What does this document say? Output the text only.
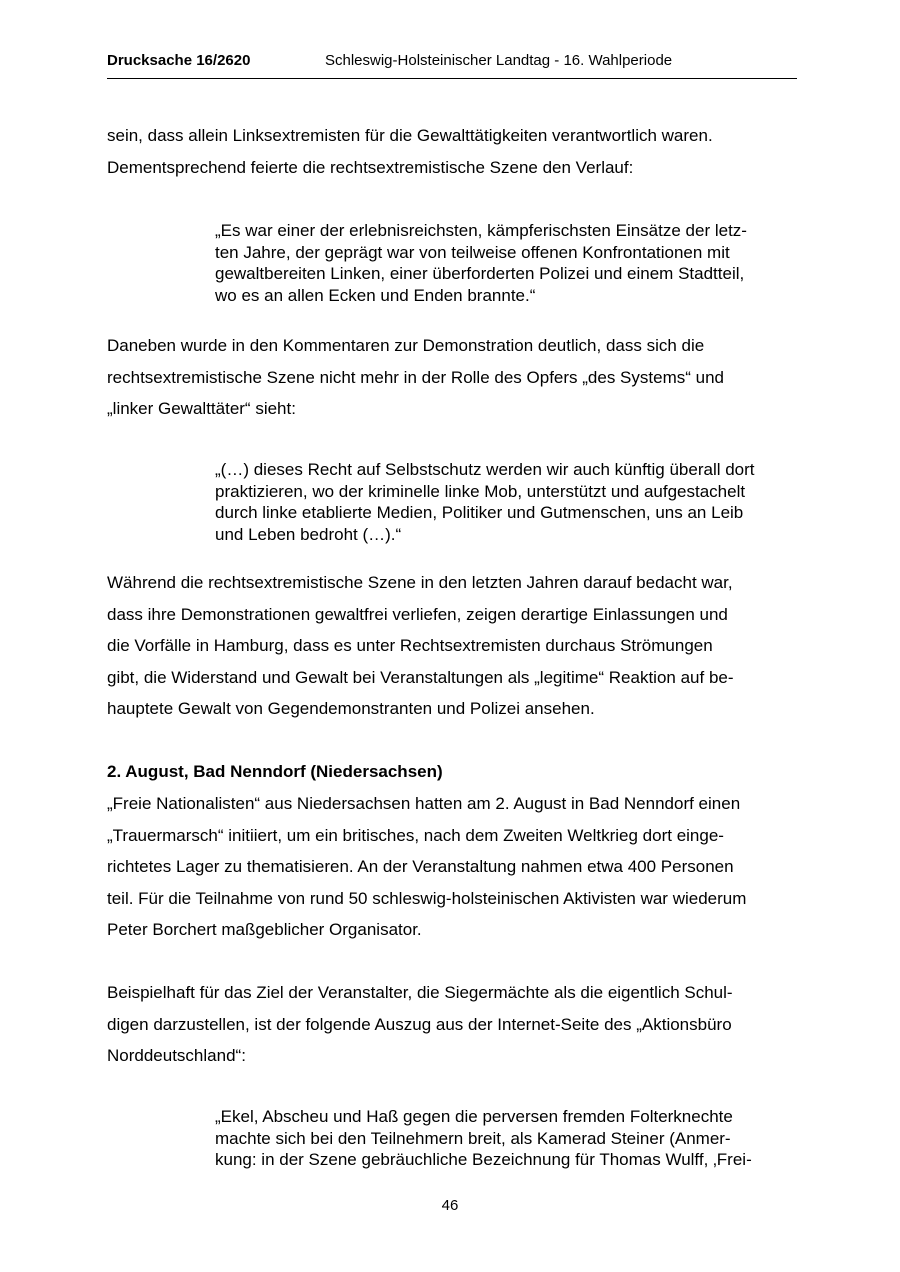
Drucksache 16/2620	Schleswig-Holsteinischer Landtag - 16. Wahlperiode

sein, dass allein Linksextremisten für die Gewalttätigkeiten verantwortlich waren.
Dementsprechend feierte die rechtsextremistische Szene den Verlauf:

„Es war einer der erlebnisreichsten, kämpferischsten Einsätze der letz-
ten Jahre, der geprägt war von teilweise offenen Konfrontationen mit
gewaltbereiten Linken, einer überforderten Polizei und einem Stadtteil,
wo es an allen Ecken und Enden brannte.“

Daneben wurde in den Kommentaren zur Demonstration deutlich, dass sich die
rechtsextremistische Szene nicht mehr in der Rolle des Opfers „des Systems“ und
„linker Gewalttäter“ sieht:

„(…) dieses Recht auf Selbstschutz werden wir auch künftig überall dort
praktizieren, wo der kriminelle linke Mob, unterstützt und aufgestachelt
durch linke etablierte Medien, Politiker und Gutmenschen, uns an Leib
und Leben bedroht (…).“

Während die rechtsextremistische Szene in den letzten Jahren darauf bedacht war,
dass ihre Demonstrationen gewaltfrei verliefen, zeigen derartige Einlassungen und
die Vorfälle in Hamburg, dass es unter Rechtsextremisten durchaus Strömungen
gibt, die Widerstand und Gewalt bei Veranstaltungen als „legitime“ Reaktion auf be-
hauptete Gewalt von Gegendemonstranten und Polizei ansehen.

2. August, Bad Nenndorf (Niedersachsen)

„Freie Nationalisten“ aus Niedersachsen hatten am 2. August in Bad Nenndorf einen
„Trauermarsch“ initiiert, um ein britisches, nach dem Zweiten Weltkrieg dort einge-
richtetes Lager zu thematisieren. An der Veranstaltung nahmen etwa 400 Personen
teil. Für die Teilnahme von rund 50 schleswig-holsteinischen Aktivisten war wiederum
Peter Borchert maßgeblicher Organisator.

Beispielhaft für das Ziel der Veranstalter, die Siegermächte als die eigentlich Schul-
digen darzustellen, ist der folgende Auszug aus der Internet-Seite des „Aktionsbüro
Norddeutschland“:

„Ekel, Abscheu und Haß gegen die perversen fremden Folterknechte
machte sich bei den Teilnehmern breit, als Kamerad Steiner (Anmer-
kung: in der Szene gebräuchliche Bezeichnung für Thomas Wulff, ‚Frei-

46
